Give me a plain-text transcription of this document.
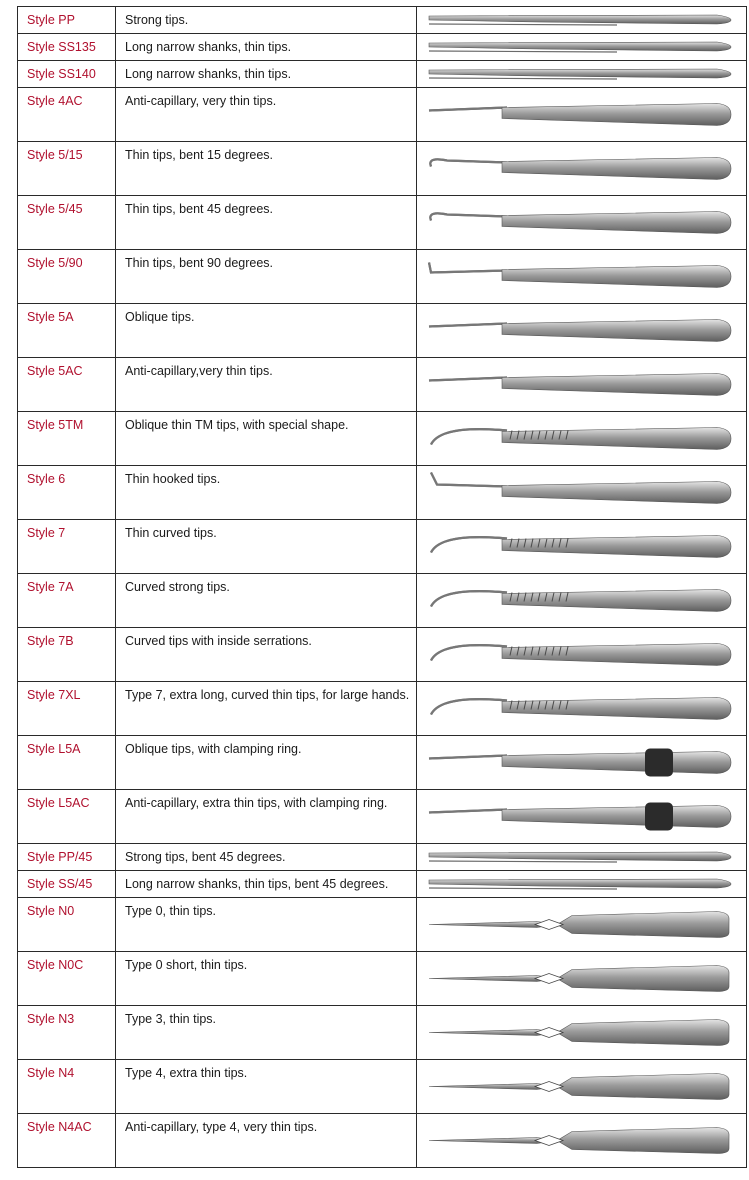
Style PP	Strong tips.

Style SS135	Long narrow shanks, thin tips.

Style SS140	Long narrow shanks, thin tips.

Style 4AC	Anti-capillary, very thin tips.

Style 5/15	Thin tips, bent 15 degrees.

Style 5/45	Thin tips, bent 45 degrees.

Style 5/90	Thin tips, bent 90 degrees.

Style 5A	Oblique tips.

Style 5AC	Anti-capillary,very thin tips.

Style 5TM	Oblique thin TM tips, with special shape.

Style 6	Thin hooked tips.

Style 7	Thin curved tips.

Style 7A	Curved strong tips.

Style 7B	Curved tips with inside serrations.

Style 7XL	Type 7, extra long, curved thin tips, for large hands.

Style L5A	Oblique tips, with clamping ring.

Style L5AC	Anti-capillary, extra thin tips, with clamping ring.

Style PP/45	Strong tips, bent 45 degrees.

Style SS/45	Long narrow shanks, thin tips, bent 45 degrees.

Style N0	Type 0, thin tips.

Style N0C	Type 0 short, thin tips.

Style N3	Type 3, thin tips.

Style N4	Type 4, extra thin tips.

Style N4AC	Anti-capillary, type 4, very thin tips.
